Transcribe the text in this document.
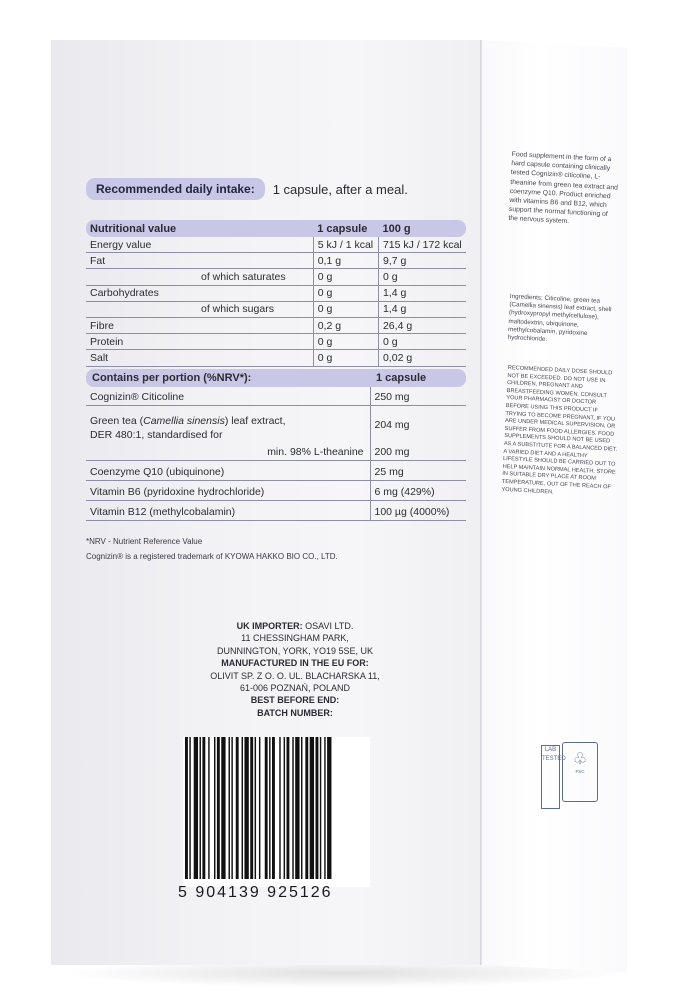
Recommended daily intake:	1 capsule, after a meal.
Nutritional value	1 capsule	100 g
Energy value	5 kJ / 1 kcal	715 kJ / 172 kcal
Fat	0,1 g	9,7 g
of which saturates	0 g	0 g
Carbohydrates	0 g	1,4 g
of which sugars	0 g	1,4 g
Fibre	0,2 g	26,4 g
Protein	0 g	0 g
Salt	0 g	0,02 g
Contains per portion (%NRV*):	1 capsule
Cognizin® Citicoline	250 mg
Green tea (Camellia sinensis) leaf extract,
DER 480:1, standardised for	204 mg
min. 98% L-theanine	200 mg
Coenzyme Q10 (ubiquinone)	25 mg
Vitamin B6 (pyridoxine hydrochloride)	6 mg (429%)
Vitamin B12 (methylcobalamin)	100 µg (4000%)
*NRV - Nutrient Reference Value
Cognizin® is a registered trademark of KYOWA HAKKO BIO CO., LTD.
UK IMPORTER: OSAVI LTD.
11 CHESSINGHAM PARK,
DUNNINGTON, YORK, YO19 5SE, UK
MANUFACTURED IN THE EU FOR:
OLIVIT SP. Z O. O. UL. BLACHARSKA 11,
61-006 POZNAŃ, POLAND
BEST BEFORE END:
BATCH NUMBER:
5 904139 925126
Food supplement in the form of a hard capsule containing clinically tested Cognizin® citicoline, L-theanine from green tea extract and coenzyme Q10. Product enriched with vitamins B6 and B12, which support the normal functioning of the nervous system.
Ingredients: Citicoline, green tea (Camellia sinensis) leaf extract, shell (hydroxypropyl methylcellulose), maltodextrin, ubiquinone, methylcobalamin, pyridoxine hydrochloride.
RECOMMENDED DAILY DOSE SHOULD NOT BE EXCEEDED. DO NOT USE IN CHILDREN, PREGNANT AND BREASTFEEDING WOMEN. CONSULT YOUR PHARMACIST OR DOCTOR BEFORE USING THIS PRODUCT IF TRYING TO BECOME PREGNANT, IF YOU ARE UNDER MEDICAL SUPERVISION, OR SUFFER FROM FOOD ALLERGIES. FOOD SUPPLEMENTS SHOULD NOT BE USED AS A SUBSTITUTE FOR A BALANCED DIET. A VARIED DIET AND A HEALTHY LIFESTYLE SHOULD BE CARRIED OUT TO HELP MAINTAIN NORMAL HEALTH. STORE IN SUITABLE DRY PLACE AT ROOM TEMPERATURE, OUT OF THE REACH OF YOUNG CHILDREN.
LAB TESTED ♧
FSC
